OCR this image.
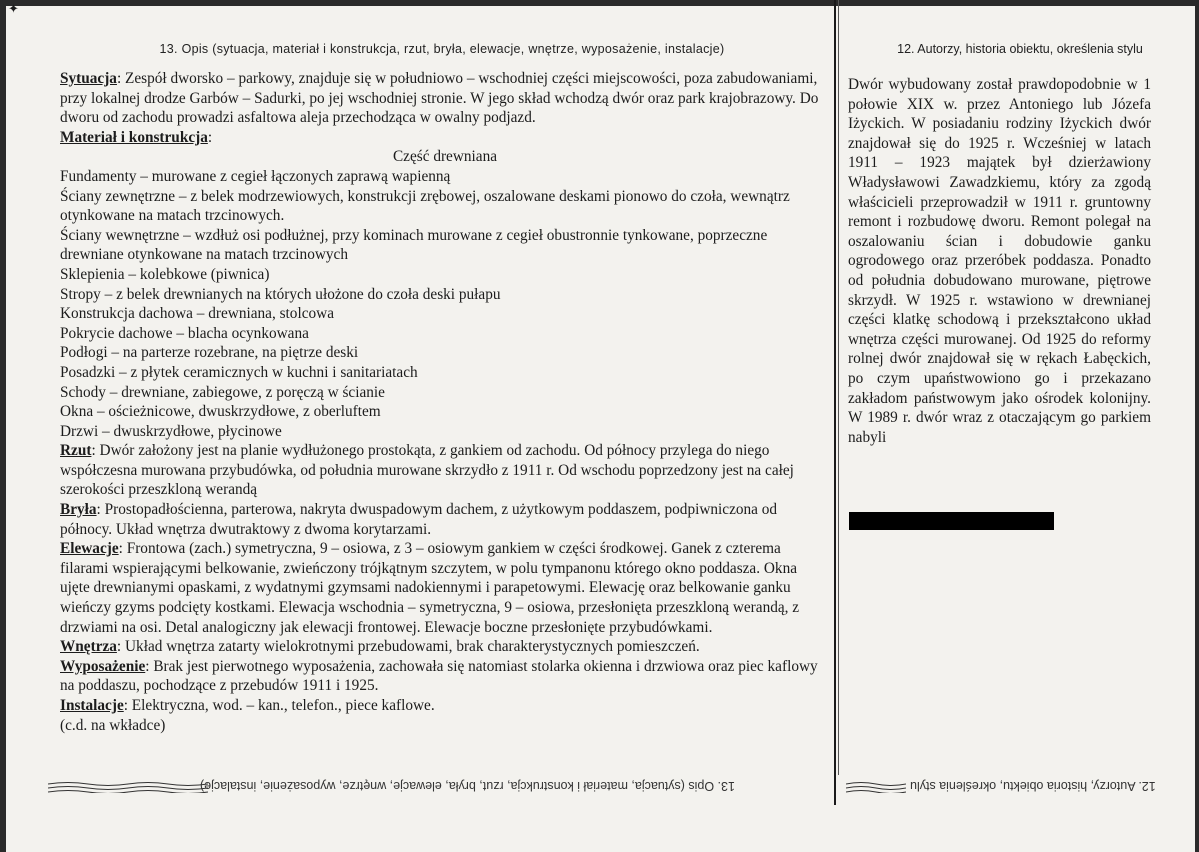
✦
13. Opis (sytuacja, materiał i konstrukcja, rzut, bryła, elewacje, wnętrze, wyposażenie, instalacje)	12. Autorzy, historia obiektu, określenia stylu

Sytuacja: Zespół dworsko – parkowy, znajduje się w południowo – wschodniej części miejscowości, poza zabudowaniami, przy lokalnej drodze Garbów – Sadurki, po jej wschodniej stronie. W jego skład wchodzą dwór oraz park krajobrazowy. Do dworu od zachodu prowadzi asfaltowa aleja przechodząca w owalny podjazd.

Materiał i konstrukcja:

Część drewniana

Fundamenty – murowane z cegieł łączonych zaprawą wapienną

Ściany zewnętrzne – z belek modrzewiowych, konstrukcji zrębowej, oszalowane deskami pionowo do czoła, wewnątrz otynkowane na matach trzcinowych.

Ściany wewnętrzne – wzdłuż osi podłużnej, przy kominach murowane z cegieł obustronnie tynkowane, poprzeczne drewniane otynkowane na matach trzcinowych

Sklepienia – kolebkowe (piwnica)

Stropy – z belek drewnianych na których ułożone do czoła deski pułapu

Konstrukcja dachowa – drewniana, stolcowa

Pokrycie dachowe – blacha ocynkowana

Podłogi – na parterze rozebrane, na piętrze deski

Posadzki – z płytek ceramicznych w kuchni i sanitariatach

Schody – drewniane, zabiegowe, z poręczą w ścianie

Okna – ościeżnicowe, dwuskrzydłowe, z oberluftem

Drzwi – dwuskrzydłowe, płycinowe

Rzut: Dwór założony jest na planie wydłużonego prostokąta, z gankiem od zachodu. Od północy przylega do niego współczesna murowana przybudówka, od południa murowane skrzydło z 1911 r. Od wschodu poprzedzony jest na całej szerokości przeszkloną werandą

Bryła: Prostopadłościenna, parterowa, nakryta dwuspadowym dachem, z użytkowym poddaszem, podpiwniczona od północy. Układ wnętrza dwutraktowy z dwoma korytarzami.

Elewacje: Frontowa (zach.) symetryczna, 9 – osiowa, z 3 – osiowym gankiem w części środkowej. Ganek z czterema filarami wspierającymi belkowanie, zwieńczony trójkątnym szczytem, w polu tympanonu którego okno poddasza. Okna ujęte drewnianymi opaskami, z wydatnymi gzymsami nadokiennymi i parapetowymi. Elewację oraz belkowanie ganku wieńczy gzyms podcięty kostkami. Elewacja wschodnia – symetryczna, 9 – osiowa, przesłonięta przeszkloną werandą, z drzwiami na osi. Detal analogiczny jak elewacji frontowej. Elewacje boczne przesłonięte przybudówkami.

Wnętrza: Układ wnętrza zatarty wielokrotnymi przebudowami, brak charakterystycznych pomieszczeń.

Wyposażenie: Brak jest pierwotnego wyposażenia, zachowała się natomiast stolarka okienna i drzwiowa oraz piec kaflowy na poddaszu, pochodzące z przebudów 1911 i 1925.

Instalacje: Elektryczna, wod. – kan., telefon., piece kaflowe.

(c.d. na wkładce)

Dwór wybudowany został prawdopodobnie w 1 połowie XIX w. przez Antoniego lub Józefa Iżyckich. W posiadaniu rodziny Iżyckich dwór znajdował się do 1925 r. Wcześniej w latach 1911 – 1923 majątek był dzierżawiony Władysławowi Zawadzkiemu, który za zgodą właścicieli przeprowadził w 1911 r. gruntowny remont i rozbudowę dworu. Remont polegał na oszalowaniu ścian i dobudowie ganku ogrodowego oraz przeróbek poddasza. Ponadto od południa dobudowano murowane, piętrowe skrzydł. W 1925 r. wstawiono w drewnianej części klatkę schodową i przekształcono układ wnętrza części murowanej. Od 1925 do reformy rolnej dwór znajdował się w rękach Łabęckich, po czym upaństwowiono go i przekazano zakładom państwowym jako ośrodek kolonijny. W 1989 r. dwór wraz z otaczającym go parkiem nabyli

13. Opis (sytuacja, materiał i konstrukcja, rzut, bryła, elewacje, wnętrze, wyposażenie, instalacje)	12. Autorzy, historia obiektu, określenia stylu
